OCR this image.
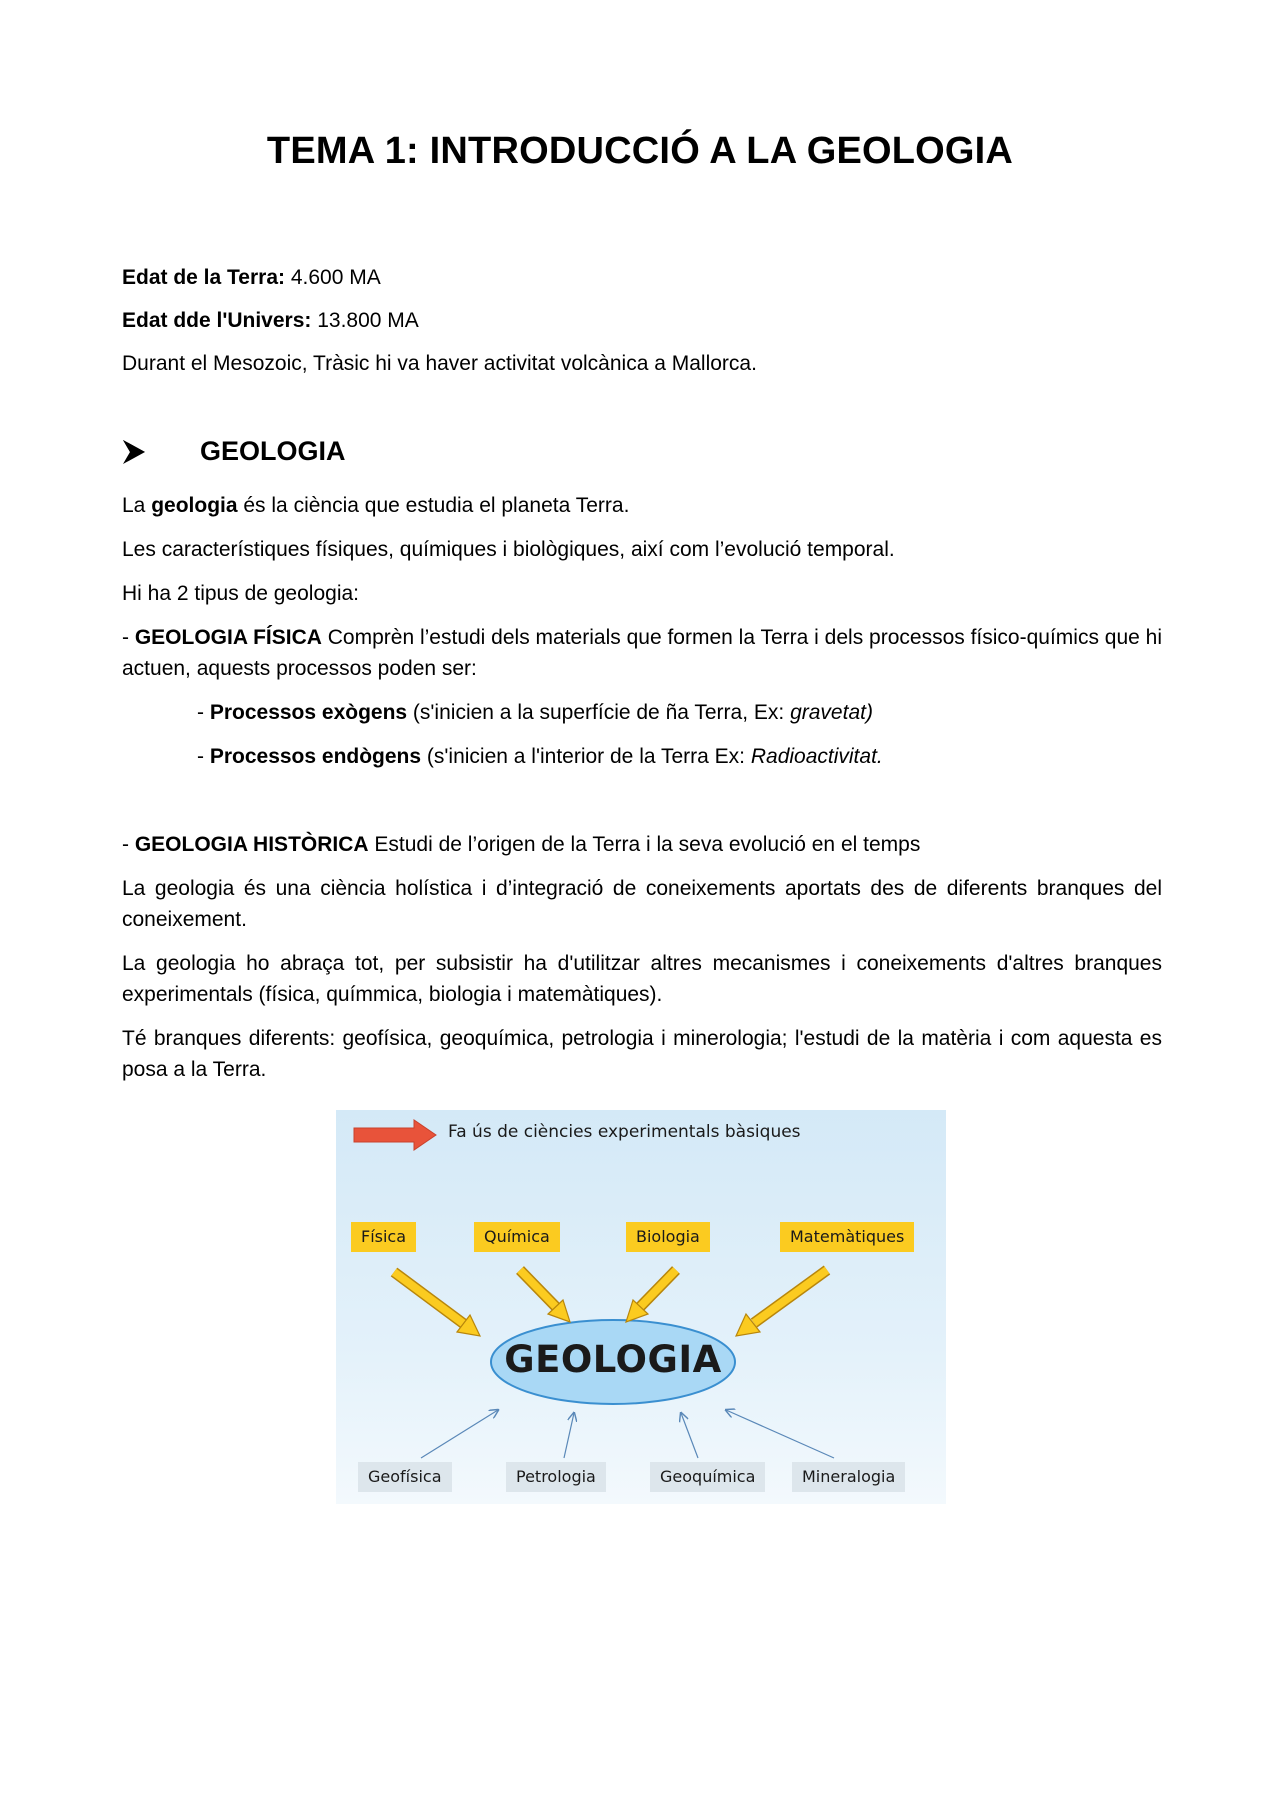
TEMA 1: INTRODUCCIÓ A LA GEOLOGIA
Edat de la Terra: 4.600 MA
Edat dde l'Univers: 13.800 MA
Durant el Mesozoic, Tràsic hi va haver activitat volcànica a Mallorca.
GEOLOGIA
La geologia és la ciència que estudia el planeta Terra.
Les característiques físiques, químiques i biològiques, així com l’evolució temporal.
Hi ha 2 tipus de geologia:
- GEOLOGIA FÍSICA Comprèn l’estudi dels materials que formen la Terra i dels processos físico-químics que hi actuen, aquests processos poden ser:
- Processos exògens (s'inicien a la superfície de ña Terra, Ex: gravetat)
- Processos endògens (s'inicien a l'interior de la Terra Ex: Radioactivitat.
- GEOLOGIA HISTÒRICA Estudi de l’origen de la Terra i la seva evolució en el temps
La geologia és una ciència holística i d’integració de coneixements aportats des de diferents branques del coneixement.
La geologia ho abraça tot, per subsistir ha d'utilitzar altres mecanismes i coneixements d'altres branques experimentals (física, químmica, biologia i matemàtiques).
Té branques diferents: geofísica, geoquímica, petrologia i minerologia; l'estudi de la matèria i com aquesta es posa a la Terra.
Fa ús de ciències experimentals bàsiques
Física	Química	Biologia	Matemàtiques
GEOLOGIA
Geofísica	Petrologia	Geoquímica	Mineralogia
